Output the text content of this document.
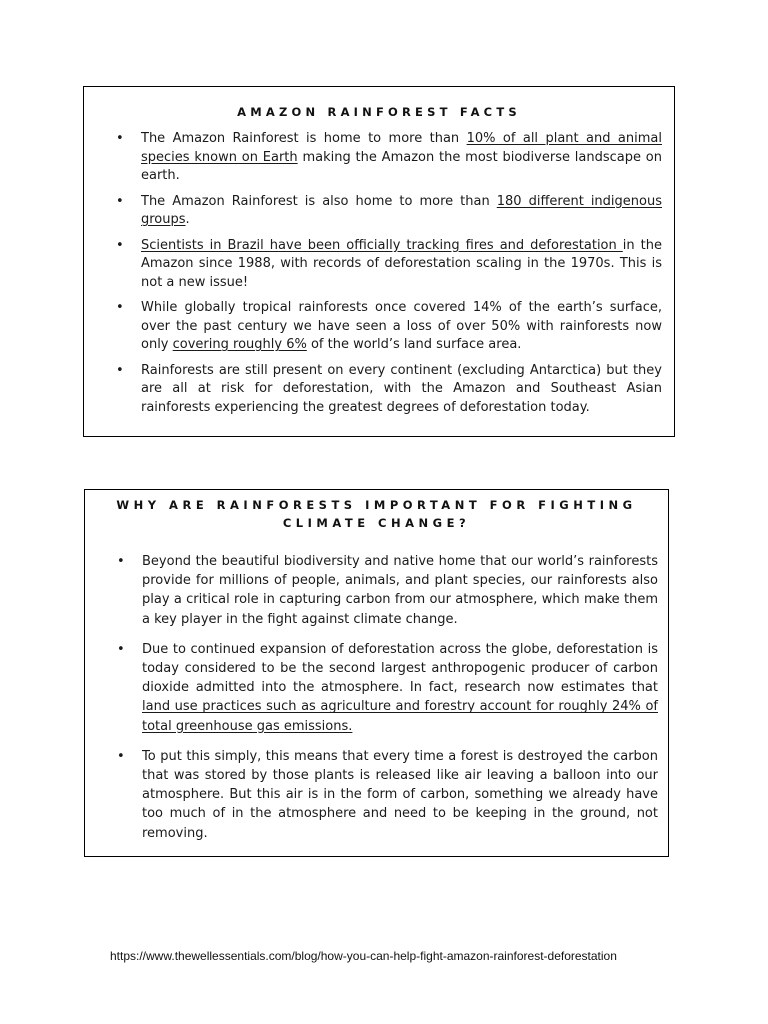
AMAZON RAINFOREST FACTS
• The Amazon Rainforest is home to more than 10% of all plant and animal species known on Earth making the Amazon the most biodiverse landscape on earth.
• The Amazon Rainforest is also home to more than 180 different indigenous groups.
• Scientists in Brazil have been officially tracking fires and deforestation in the Amazon since 1988, with records of deforestation scaling in the 1970s. This is not a new issue!
• While globally tropical rainforests once covered 14% of the earth’s surface, over the past century we have seen a loss of over 50% with rainforests now only covering roughly 6% of the world’s land surface area.
• Rainforests are still present on every continent (excluding Antarctica) but they are all at risk for deforestation, with the Amazon and Southeast Asian rainforests experiencing the greatest degrees of deforestation today.
WHY ARE RAINFORESTS IMPORTANT FOR FIGHTING CLIMATE CHANGE?
• Beyond the beautiful biodiversity and native home that our world’s rainforests provide for millions of people, animals, and plant species, our rainforests also play a critical role in capturing carbon from our atmosphere, which make them a key player in the fight against climate change.
• Due to continued expansion of deforestation across the globe, deforestation is today considered to be the second largest anthropogenic producer of carbon dioxide admitted into the atmosphere. In fact, research now estimates that land use practices such as agriculture and forestry account for roughly 24% of total greenhouse gas emissions.
• To put this simply, this means that every time a forest is destroyed the carbon that was stored by those plants is released like air leaving a balloon into our atmosphere. But this air is in the form of carbon, something we already have too much of in the atmosphere and need to be keeping in the ground, not removing.
https://www.thewellessentials.com/blog/how-you-can-help-fight-amazon-rainforest-deforestation
